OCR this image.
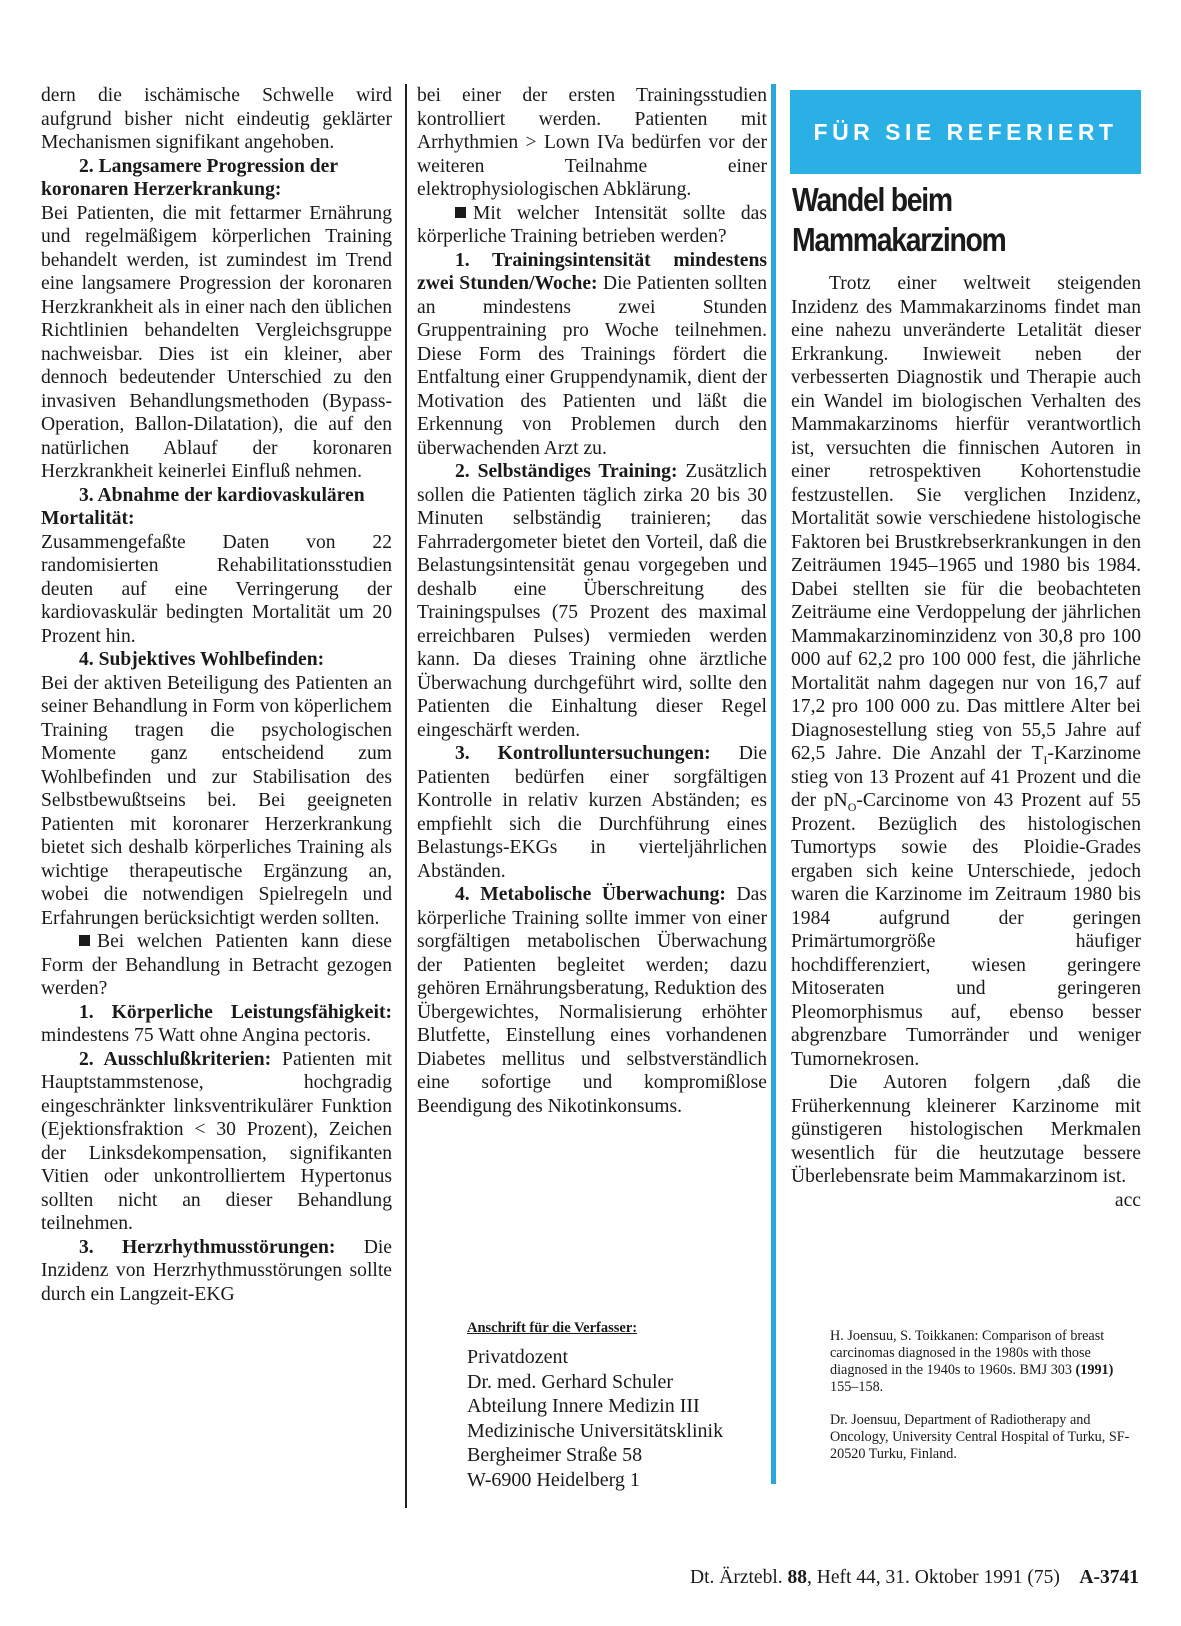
dern die ischämische Schwelle wird aufgrund bisher nicht eindeutig geklärter Mechanismen signifikant angehoben.

2. Langsamere Progression der koronaren Herzerkrankung:

Bei Patienten, die mit fettarmer Ernährung und regelmäßigem körperlichen Training behandelt werden, ist zumindest im Trend eine langsamere Progression der koronaren Herzkrankheit als in einer nach den üblichen Richtlinien behandelten Vergleichsgruppe nachweisbar. Dies ist ein kleiner, aber dennoch bedeutender Unterschied zu den invasiven Behandlungsmethoden (Bypass-Operation, Ballon-Dilatation), die auf den natürlichen Ablauf der koronaren Herzkrankheit keinerlei Einfluß nehmen.

3. Abnahme der kardiovaskulären Mortalität:

Zusammengefaßte Daten von 22 randomisierten Rehabilitationsstudien deuten auf eine Verringerung der kardiovaskulär bedingten Mortalität um 20 Prozent hin.

4. Subjektives Wohlbefinden:

Bei der aktiven Beteiligung des Patienten an seiner Behandlung in Form von köperlichem Training tragen die psychologischen Momente ganz entscheidend zum Wohlbefinden und zur Stabilisation des Selbstbewußtseins bei. Bei geeigneten Patienten mit koronarer Herzerkrankung bietet sich deshalb körperliches Training als wichtige therapeutische Ergänzung an, wobei die notwendigen Spielregeln und Erfahrungen berücksichtigt werden sollten.

Bei welchen Patienten kann diese Form der Behandlung in Betracht gezogen werden?

1. Körperliche Leistungsfähigkeit: mindestens 75 Watt ohne Angina pectoris.

2. Ausschlußkriterien: Patienten mit Hauptstammstenose, hochgradig eingeschränkter linksventrikulärer Funktion (Ejektionsfraktion < 30 Prozent), Zeichen der Linksdekompensation, signifikanten Vitien oder unkontrolliertem Hypertonus sollten nicht an dieser Behandlung teilnehmen.

3. Herzrhythmusstörungen: Die Inzidenz von Herzrhythmusstörungen sollte durch ein Langzeit-EKG

bei einer der ersten Trainingsstudien kontrolliert werden. Patienten mit Arrhythmien > Lown IVa bedürfen vor der weiteren Teilnahme einer elektrophysiologischen Abklärung.

Mit welcher Intensität sollte das körperliche Training betrieben werden?

1. Trainingsintensität mindestens zwei Stunden/Woche: Die Patienten sollten an mindestens zwei Stunden Gruppentraining pro Woche teilnehmen. Diese Form des Trainings fördert die Entfaltung einer Gruppendynamik, dient der Motivation des Patienten und läßt die Erkennung von Problemen durch den überwachenden Arzt zu.

2. Selbständiges Training: Zusätzlich sollen die Patienten täglich zirka 20 bis 30 Minuten selbständig trainieren; das Fahrradergometer bietet den Vorteil, daß die Belastungsintensität genau vorgegeben und deshalb eine Überschreitung des Trainingspulses (75 Prozent des maximal erreichbaren Pulses) vermieden werden kann. Da dieses Training ohne ärztliche Überwachung durchgeführt wird, sollte den Patienten die Einhaltung dieser Regel eingeschärft werden.

3. Kontrolluntersuchungen: Die Patienten bedürfen einer sorgfältigen Kontrolle in relativ kurzen Abständen; es empfiehlt sich die Durchführung eines Belastungs-EKGs in vierteljährlichen Abständen.

4. Metabolische Überwachung: Das körperliche Training sollte immer von einer sorgfältigen metabolischen Überwachung der Patienten begleitet werden; dazu gehören Ernährungsberatung, Reduktion des Übergewichtes, Normalisierung erhöhter Blutfette, Einstellung eines vorhandenen Diabetes mellitus und selbstverständlich eine sofortige und kompromißlose Beendigung des Nikotinkonsums.

Anschrift für die Verfasser:
Privatdozent
Dr. med. Gerhard Schuler
Abteilung Innere Medizin III
Medizinische Universitätsklinik
Bergheimer Straße 58
W-6900 Heidelberg 1
FÜR SIE REFERIERT
Wandel beim
Mammakarzinom

Trotz einer weltweit steigenden Inzidenz des Mammakarzinoms findet man eine nahezu unveränderte Letalität dieser Erkrankung. Inwieweit neben der verbesserten Diagnostik und Therapie auch ein Wandel im biologischen Verhalten des Mammakarzinoms hierfür verantwortlich ist, versuchten die finnischen Autoren in einer retrospektiven Kohortenstudie festzustellen. Sie verglichen Inzidenz, Mortalität sowie verschiedene histologische Faktoren bei Brustkrebserkrankungen in den Zeiträumen 1945–1965 und 1980 bis 1984. Dabei stellten sie für die beobachteten Zeiträume eine Verdoppelung der jährlichen Mammakarzinominzidenz von 30,8 pro 100 000 auf 62,2 pro 100 000 fest, die jährliche Mortalität nahm dagegen nur von 16,7 auf 17,2 pro 100 000 zu. Das mittlere Alter bei Diagnosestellung stieg von 55,5 Jahre auf 62,5 Jahre. Die Anzahl der $T_I$-Karzinome stieg von 13 Prozent auf 41 Prozent und die der $pN_O$-Carcinome von 43 Prozent auf 55 Prozent. Bezüglich des histologischen Tumortyps sowie des Ploidie-Grades ergaben sich keine Unterschiede, jedoch waren die Karzinome im Zeitraum 1980 bis 1984 aufgrund der geringen Primärtumorgröße häufiger hochdifferenziert, wiesen geringere Mitoseraten und geringeren Pleomorphismus auf, ebenso besser abgrenzbare Tumorränder und weniger Tumornekrosen.

Die Autoren folgern ,daß die Früherkennung kleinerer Karzinome mit günstigeren histologischen Merkmalen wesentlich für die heutzutage bessere Überlebensrate beim Mammakarzinom ist.

acc

H. Joensuu, S. Toikkanen: Comparison of breast carcinomas diagnosed in the 1980s with those diagnosed in the 1940s to 1960s. BMJ 303 (1991) 155–158.

Dr. Joensuu, Department of Radiotherapy and Oncology, University Central Hospital of Turku, SF-20520 Turku, Finland.

Dt. Ärztebl. 88, Heft 44, 31. Oktober 1991 (75) A-3741
